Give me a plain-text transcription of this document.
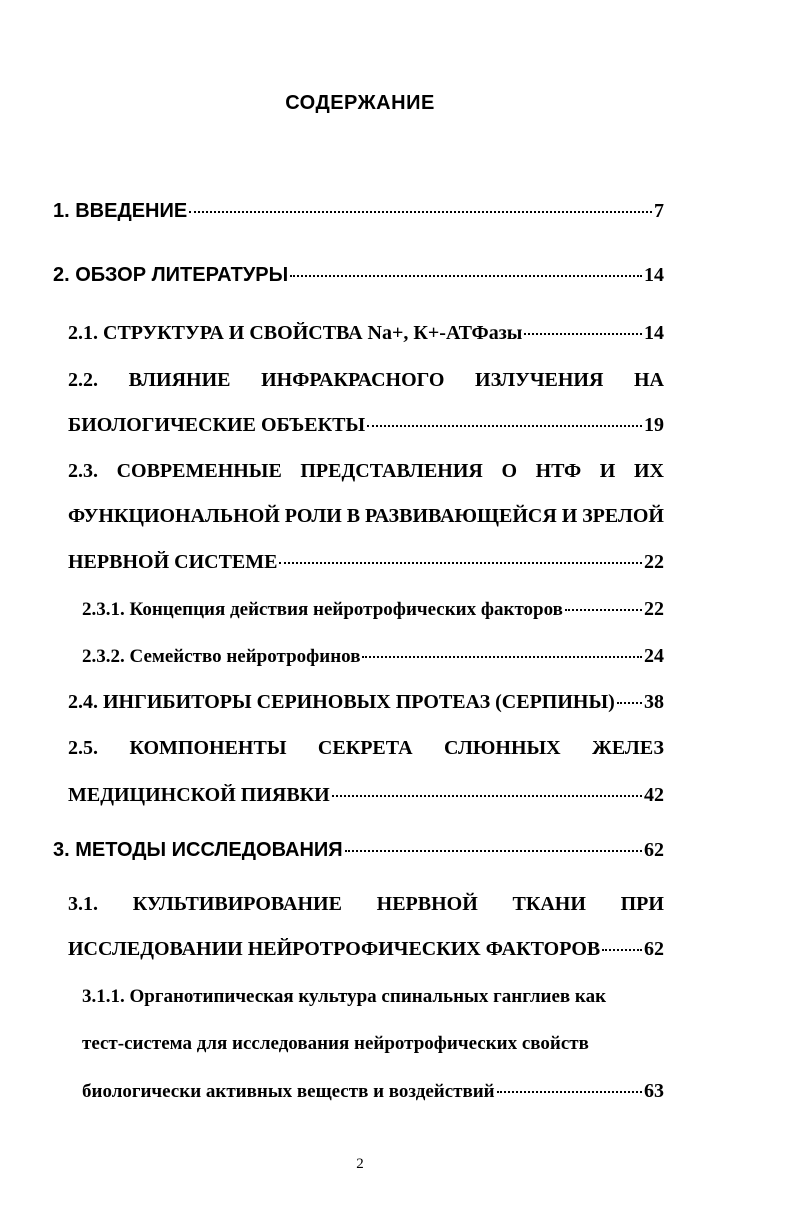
СОДЕРЖАНИЕ
1. ВВЕДЕНИЕ	7
2. ОБЗОР ЛИТЕРАТУРЫ	14
2.1. СТРУКТУРА И СВОЙСТВА Nа+, К+-АТФазы	14
2.2. ВЛИЯНИЕ ИНФРАКРАСНОГО ИЗЛУЧЕНИЯ НА
БИОЛОГИЧЕСКИЕ ОБЪЕКТЫ	19
2.3. СОВРЕМЕННЫЕ ПРЕДСТАВЛЕНИЯ О НТФ И ИХ
ФУНКЦИОНАЛЬНОЙ РОЛИ В РАЗВИВАЮЩЕЙСЯ И ЗРЕЛОЙ
НЕРВНОЙ СИСТЕМЕ	22
2.3.1. Концепция действия нейротрофических факторов	22
2.3.2. Семейство нейротрофинов	24
2.4. ИНГИБИТОРЫ СЕРИНОВЫХ ПРОТЕАЗ (СЕРПИНЫ) 38
2.5. КОМПОНЕНТЫ СЕКРЕТА СЛЮННЫХ ЖЕЛЕЗ
МЕДИЦИНСКОЙ ПИЯВКИ	42
3. МЕТОДЫ ИССЛЕДОВАНИЯ	62
3.1. КУЛЬТИВИРОВАНИЕ НЕРВНОЙ ТКАНИ ПРИ
ИССЛЕДОВАНИИ НЕЙРОТРОФИЧЕСКИХ ФАКТОРОВ 62
3.1.1. Органотипическая культура спинальных ганглиев как
тест-система для исследования нейротрофических свойств
биологически активных веществ и воздействий	63
2
